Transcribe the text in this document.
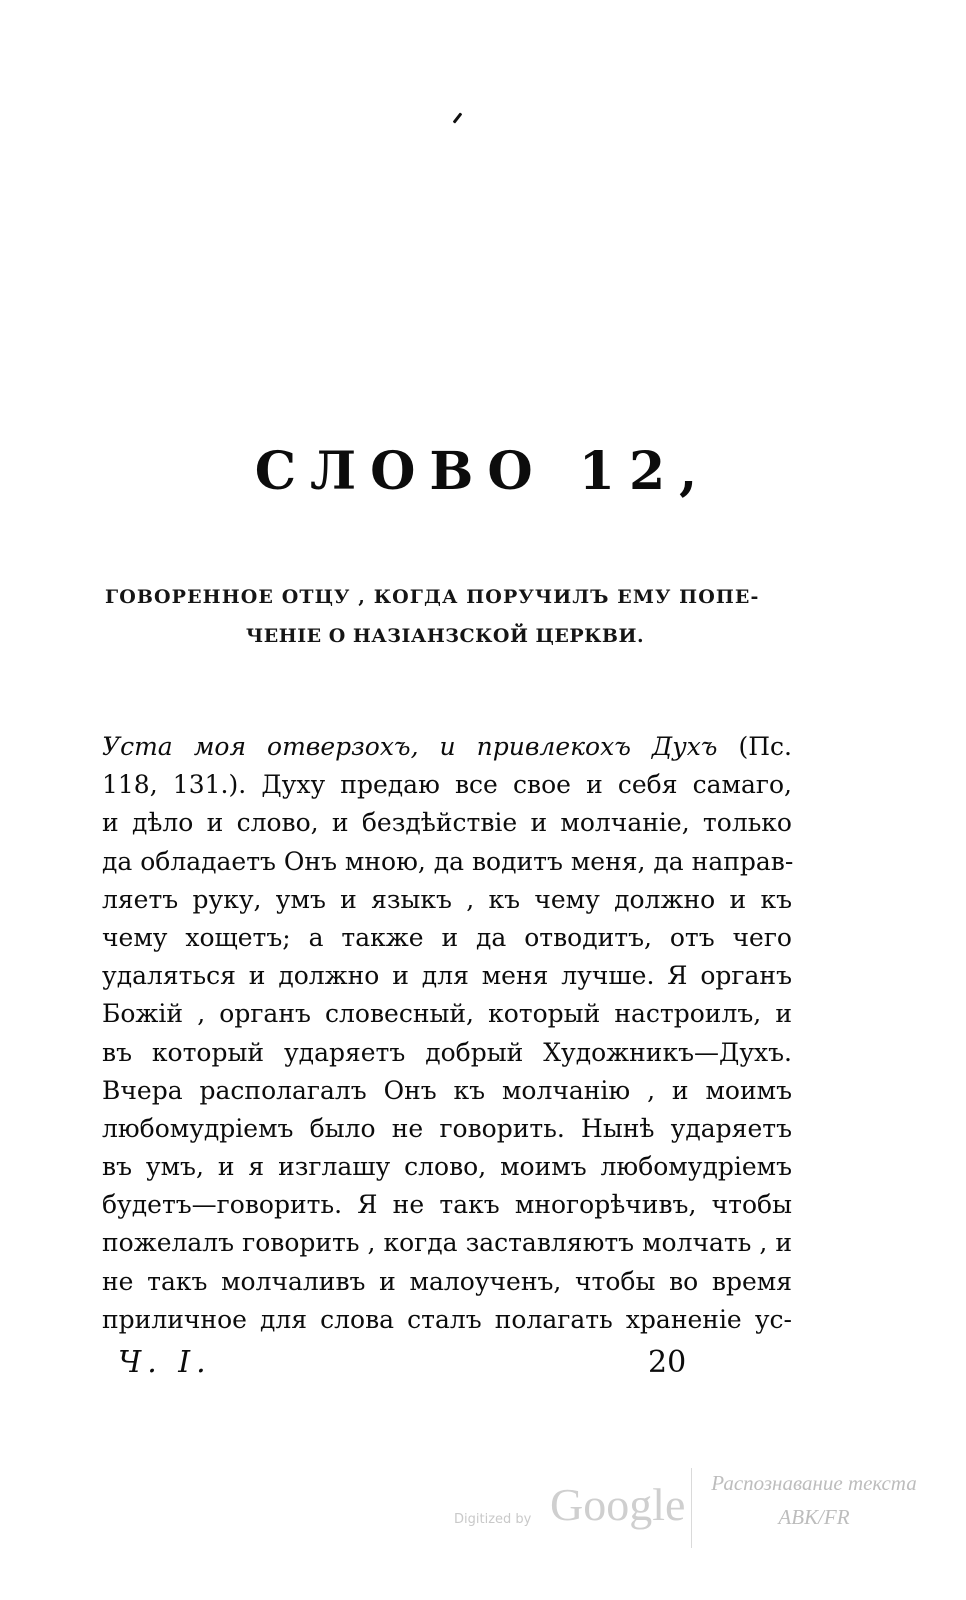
СЛОВО 12,
ГОВОРЕННОЕ ОТЦУ , КОГДА ПОРУЧИЛЪ ЕМУ ПОПЕ-
ЧЕНІЕ О НАЗІАНЗСКОЙ ЦЕРКВИ.
Уста моя отверзохъ, и привлекохъ Духъ (Пс.
118, 131.). Духу предаю все свое и себя самаго,
и дѣло и слово, и бездѣйствіе и молчаніе, только
да обладаетъ Онъ мною, да водитъ меня, да направ-
ляетъ руку, умъ и языкъ , къ чему должно и къ
чему хощетъ; а также и да отводитъ, отъ чего
удаляться и должно и для меня лучше. Я органъ
Божій , органъ словесный, который настроилъ, и
въ который ударяетъ добрый Художникъ—Духъ.
Вчера располагалъ Онъ къ молчанію , и моимъ
любомудріемъ было не говорить. Нынѣ ударяетъ
въ умъ, и я изглашу слово, моимъ любомудріемъ
будетъ—говорить. Я не такъ многорѣчивъ, чтобы
пожелалъ говорить , когда заставляютъ молчать , и
не такъ молчаливъ и малоученъ, чтобы во время
приличное для слова сталъ полагать храненіе ус-
Ч. I.	20
Digitized by Google	Распознавание текста
ABK/FR
